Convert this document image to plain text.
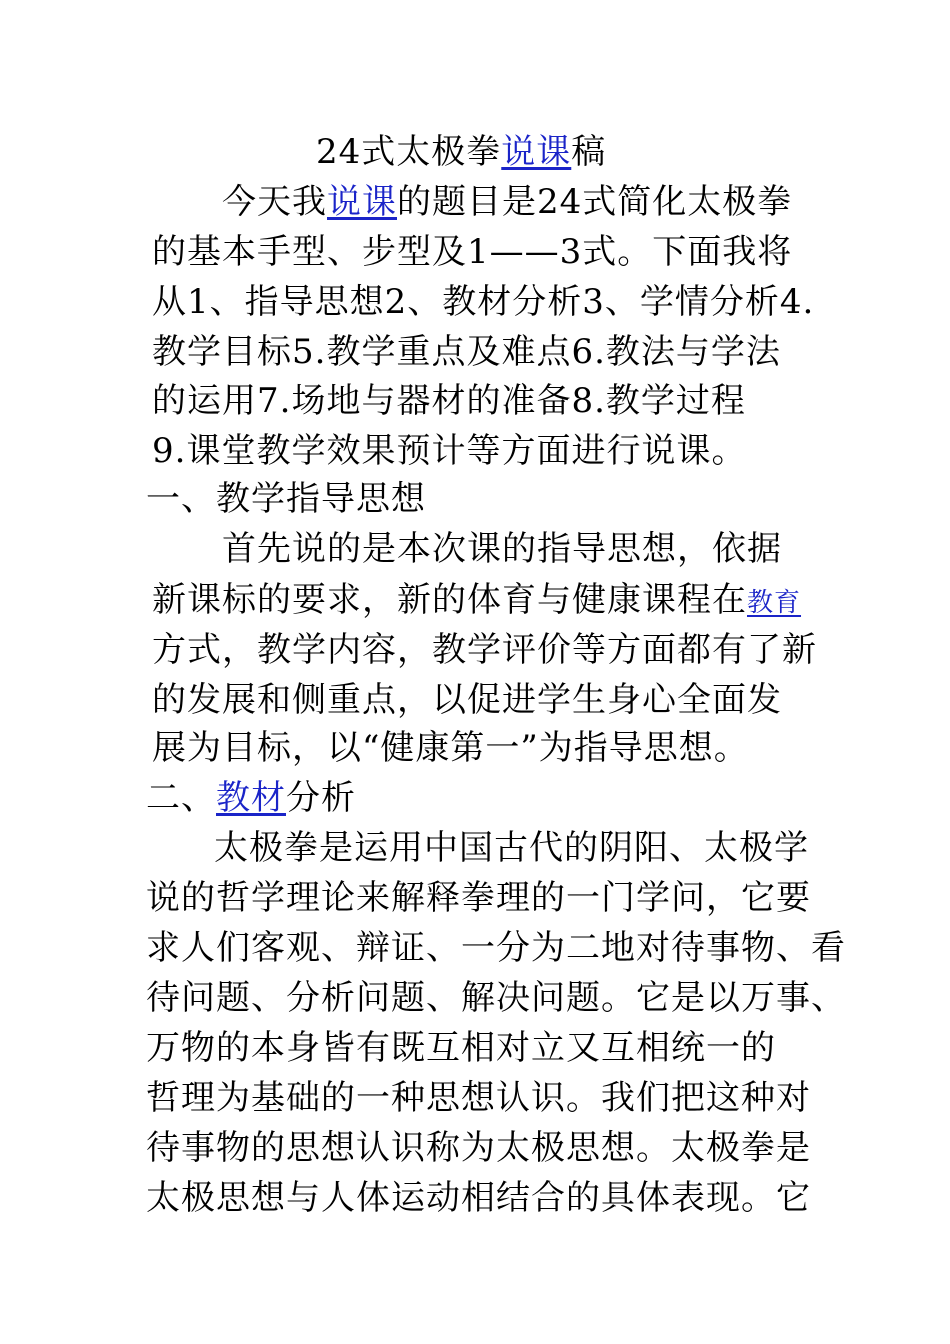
24式太极拳说课稿
今天我说课的题目是24式简化太极拳
的基本手型、步型及1——3式。下面我将
从1、指导思想2、教材分析3、学情分析4.
教学目标5.教学重点及难点6.教法与学法
的运用7.场地与器材的准备8.教学过程
9.课堂教学效果预计等方面进行说课。
一、教学指导思想
首先说的是本次课的指导思想，依据
新课标的要求，新的体育与健康课程在教育
方式，教学内容，教学评价等方面都有了新
的发展和侧重点，以促进学生身心全面发
展为目标，以“健康第一”为指导思想。
二、教材分析
太极拳是运用中国古代的阴阳、太极学
说的哲学理论来解释拳理的一门学问，它要
求人们客观、辩证、一分为二地对待事物、看
待问题、分析问题、解决问题。它是以万事、
万物的本身皆有既互相对立又互相统一的
哲理为基础的一种思想认识。我们把这种对
待事物的思想认识称为太极思想。太极拳是
太极思想与人体运动相结合的具体表现。它
